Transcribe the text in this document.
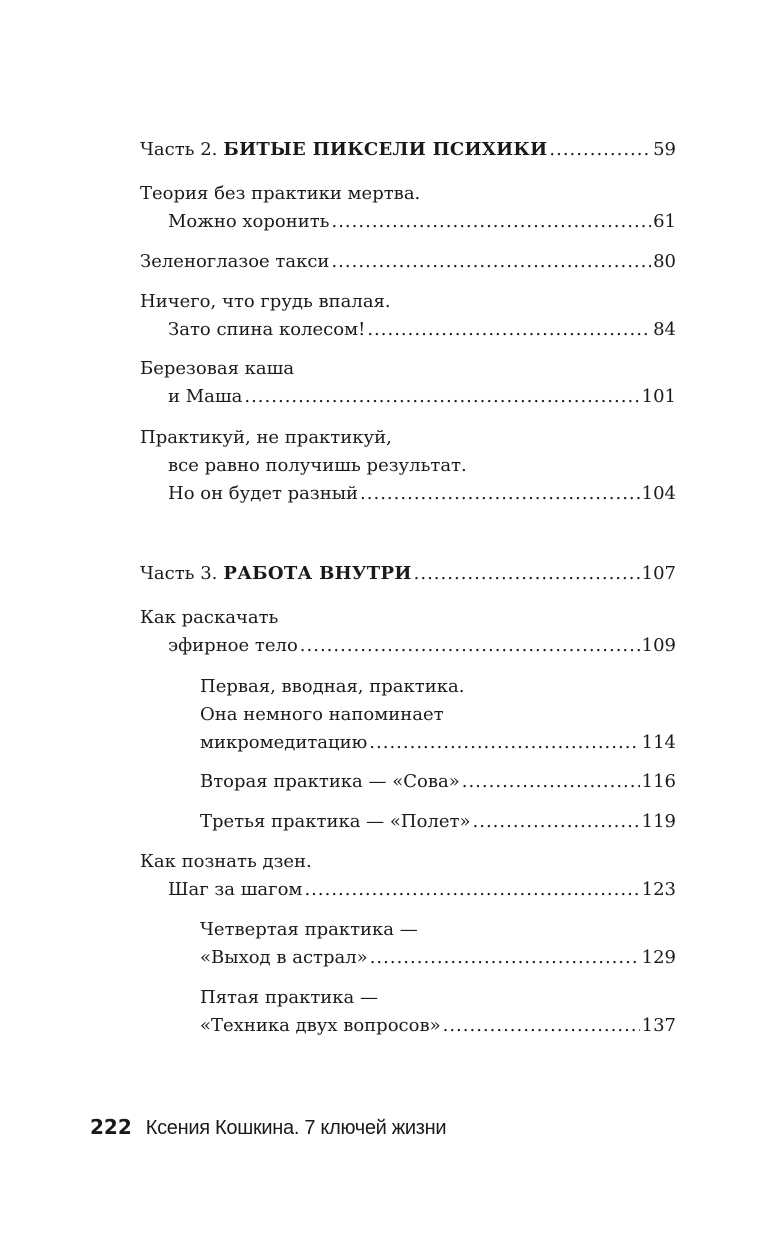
Часть 2. БИТЫЕ ПИКСЕЛИ ПСИХИКИ .....	59
Теория без практики мертва.
Можно хоронить .....	61
Зеленоглазое такси .....	80
Ничего, что грудь впалая.
Зато спина колесом! .....	84
Березовая каша
и Маша .....	101
Практикуй, не практикуй,
все равно получишь результат.
Но он будет разный .....	104
Часть 3. РАБОТА ВНУТРИ .....	107
Как раскачать
эфирное тело .....	109
Первая, вводная, практика.
Она немного напоминает
микромедитацию .....	114
Вторая практика — «Сова» .....	116
Третья практика — «Полет» .....	119
Как познать дзен.
Шаг за шагом .....	123
Четвертая практика —
«Выход в астрал» .....	129
Пятая практика —
«Техника двух вопросов» .....	137
222 Ксения Кошкина. 7 ключей жизни
